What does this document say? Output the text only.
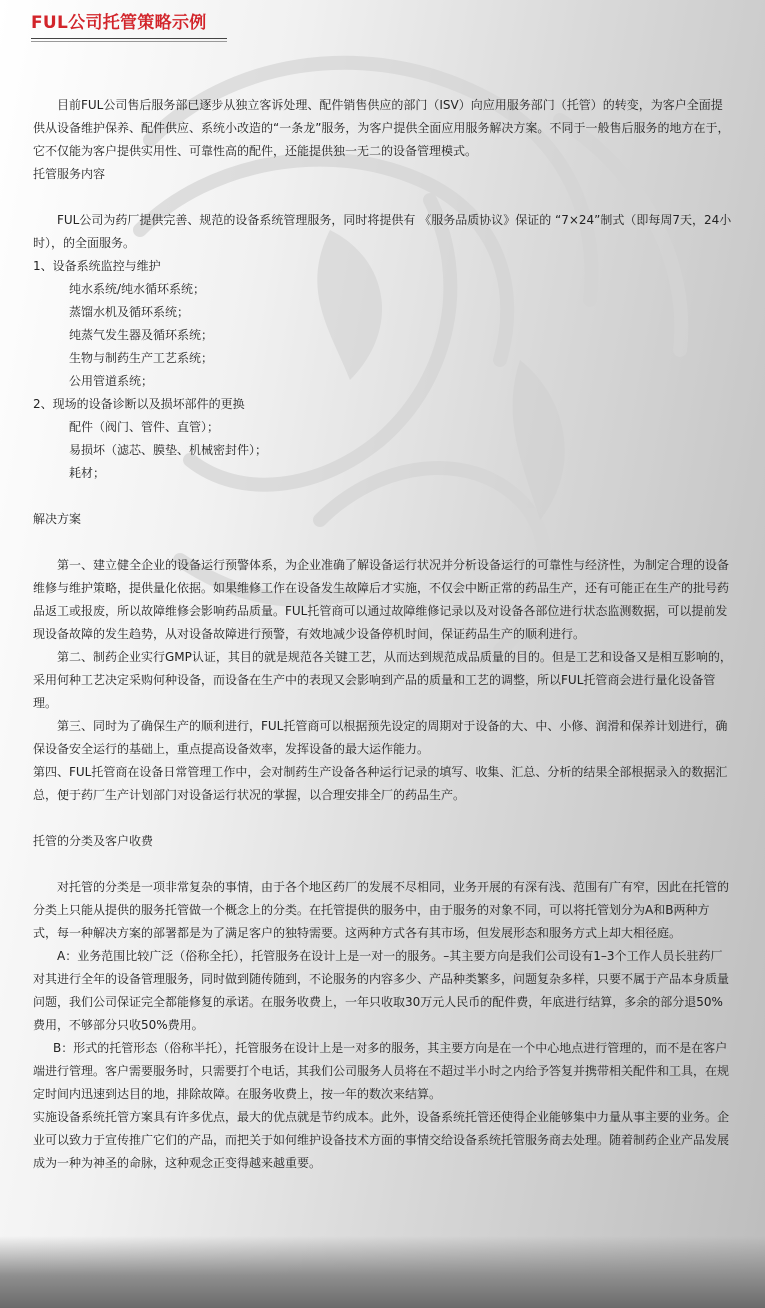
FUL公司托管策略示例

目前FUL公司售后服务部已逐步从独立客诉处理、配件销售供应的部门（ISV）向应用服务部门（托管）的转变，为客户全面提供从设备维护保养、配件供应、系统小改造的“一条龙”服务，为客户提供全面应用服务解决方案。不同于一般售后服务的地方在于，它不仅能为客户提供实用性、可靠性高的配件，还能提供独一无二的设备管理模式。

托管服务内容

FUL公司为药厂提供完善、规范的设备系统管理服务，同时将提供有 《服务品质协议》保证的 “7×24”制式（即每周7天，24小时），的全面服务。

1、设备系统监控与维护

纯水系统/纯水循环系统；

蒸馏水机及循环系统；

纯蒸气发生器及循环系统；

生物与制药生产工艺系统；

公用管道系统；

2、现场的设备诊断以及损坏部件的更换

配件（阀门、管件、直管）；

易损坏（滤芯、膜垫、机械密封件）；

耗材；

解决方案

第一、建立健全企业的设备运行预警体系，为企业准确了解设备运行状况并分析设备运行的可靠性与经济性，为制定合理的设备维修与维护策略，提供量化依据。如果维修工作在设备发生故障后才实施，不仅会中断正常的药品生产，还有可能正在生产的批号药品返工或报废，所以故障维修会影响药品质量。FUL托管商可以通过故障维修记录以及对设备各部位进行状态监测数据，可以提前发现设备故障的发生趋势，从对设备故障进行预警，有效地减少设备停机时间，保证药品生产的顺利进行。

第二、制药企业实行GMP认证，其目的就是规范各关键工艺，从而达到规范成品质量的目的。但是工艺和设备又是相互影响的，采用何种工艺决定采购何种设备，而设备在生产中的表现又会影响到产品的质量和工艺的调整，所以FUL托管商会进行量化设备管理。

第三、同时为了确保生产的顺利进行，FUL托管商可以根据预先设定的周期对于设备的大、中、小修、润滑和保养计划进行，确保设备安全运行的基础上，重点提高设备效率，发挥设备的最大运作能力。

第四、FUL托管商在设备日常管理工作中，会对制药生产设备各种运行记录的填写、收集、汇总、分析的结果全部根据录入的数据汇总，便于药厂生产计划部门对设备运行状况的掌握，以合理安排全厂的药品生产。

托管的分类及客户收费

对托管的分类是一项非常复杂的事情，由于各个地区药厂的发展不尽相同，业务开展的有深有浅、范围有广有窄，因此在托管的分类上只能从提供的服务托管做一个概念上的分类。在托管提供的服务中，由于服务的对象不同，可以将托管划分为A和B两种方式，每一种解决方案的部署都是为了满足客户的独特需要。这两种方式各有其市场，但发展形态和服务方式上却大相径庭。

A：业务范围比较广泛（俗称全托），托管服务在设计上是一对一的服务。–其主要方向是我们公司设有1–3个工作人员长驻药厂对其进行全年的设备管理服务，同时做到随传随到，不论服务的内容多少、产品种类繁多，问题复杂多样，只要不属于产品本身质量问题，我们公司保证完全都能修复的承诺。在服务收费上，一年只收取30万元人民币的配件费，年底进行结算，多余的部分退50%费用，不够部分只收50%费用。

B：形式的托管形态（俗称半托），托管服务在设计上是一对多的服务，其主要方向是在一个中心地点进行管理的，而不是在客户端进行管理。客户需要服务时，只需要打个电话，其我们公司服务人员将在不超过半小时之内给予答复并携带相关配件和工具，在规定时间内迅速到达目的地，排除故障。在服务收费上，按一年的数次来结算。

实施设备系统托管方案具有许多优点，最大的优点就是节约成本。此外，设备系统托管还使得企业能够集中力量从事主要的业务。企业可以致力于宣传推广它们的产品，而把关于如何维护设备技术方面的事情交给设备系统托管服务商去处理。随着制药企业产品发展成为一种为神圣的命脉，这种观念正变得越来越重要。
